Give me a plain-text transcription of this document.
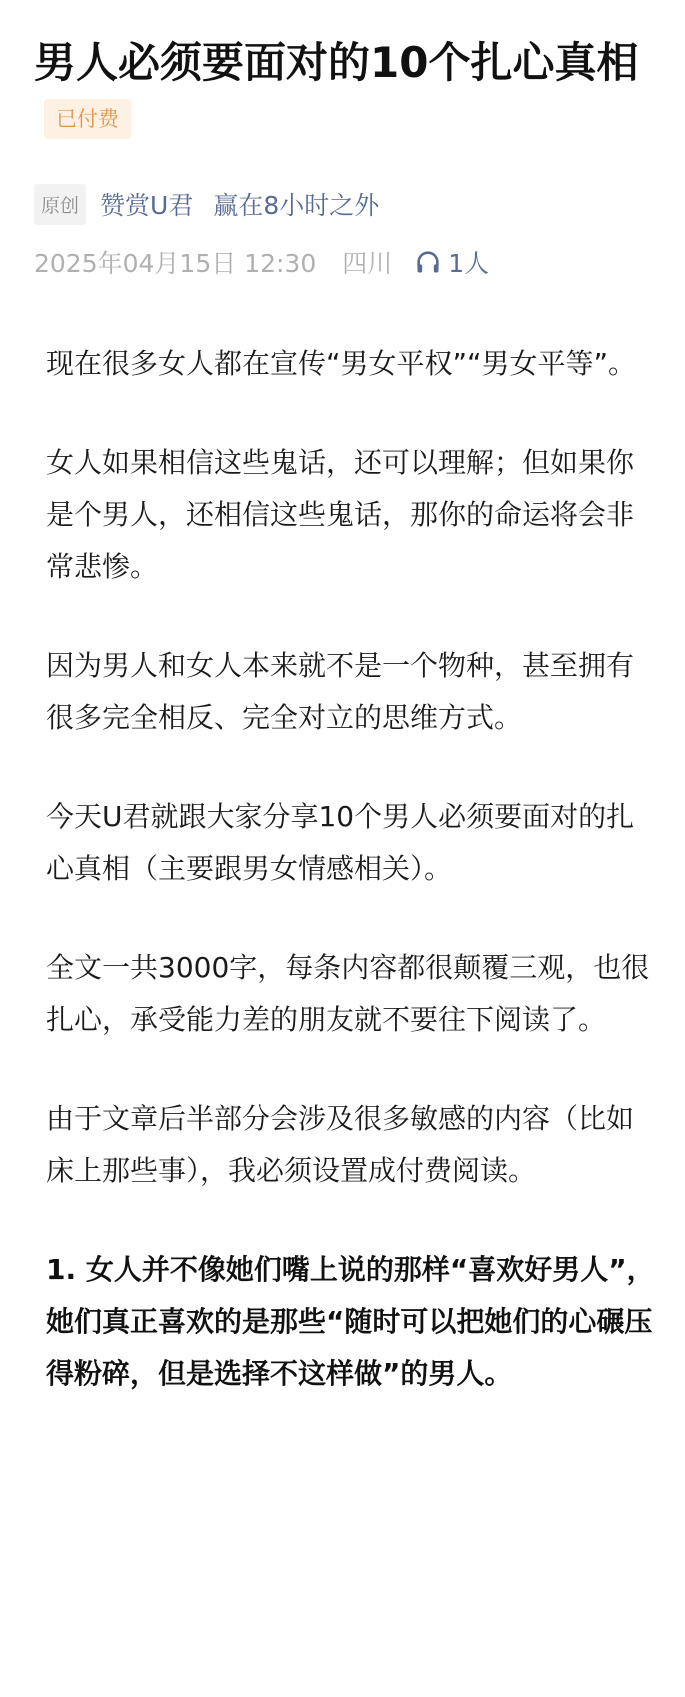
男人必须要面对的10个扎心真相已付费
原创 赞赏U君 赢在8小时之外
2025年04月15日 12:30 四川 1人

现在很多女人都在宣传“男女平权”“男女平等”。

女人如果相信这些鬼话，还可以理解；但如果你是个男人，还相信这些鬼话，那你的命运将会非常悲惨。

因为男人和女人本来就不是一个物种，甚至拥有很多完全相反、完全对立的思维方式。

今天U君就跟大家分享10个男人必须要面对的扎心真相（主要跟男女情感相关）。

全文一共3000字，每条内容都很颠覆三观，也很扎心，承受能力差的朋友就不要往下阅读了。

由于文章后半部分会涉及很多敏感的内容（比如床上那些事），我必须设置成付费阅读。

1. 女人并不像她们嘴上说的那样“喜欢好男人”，她们真正喜欢的是那些“随时可以把她们的心碾压得粉碎，但是选择不这样做”的男人。
